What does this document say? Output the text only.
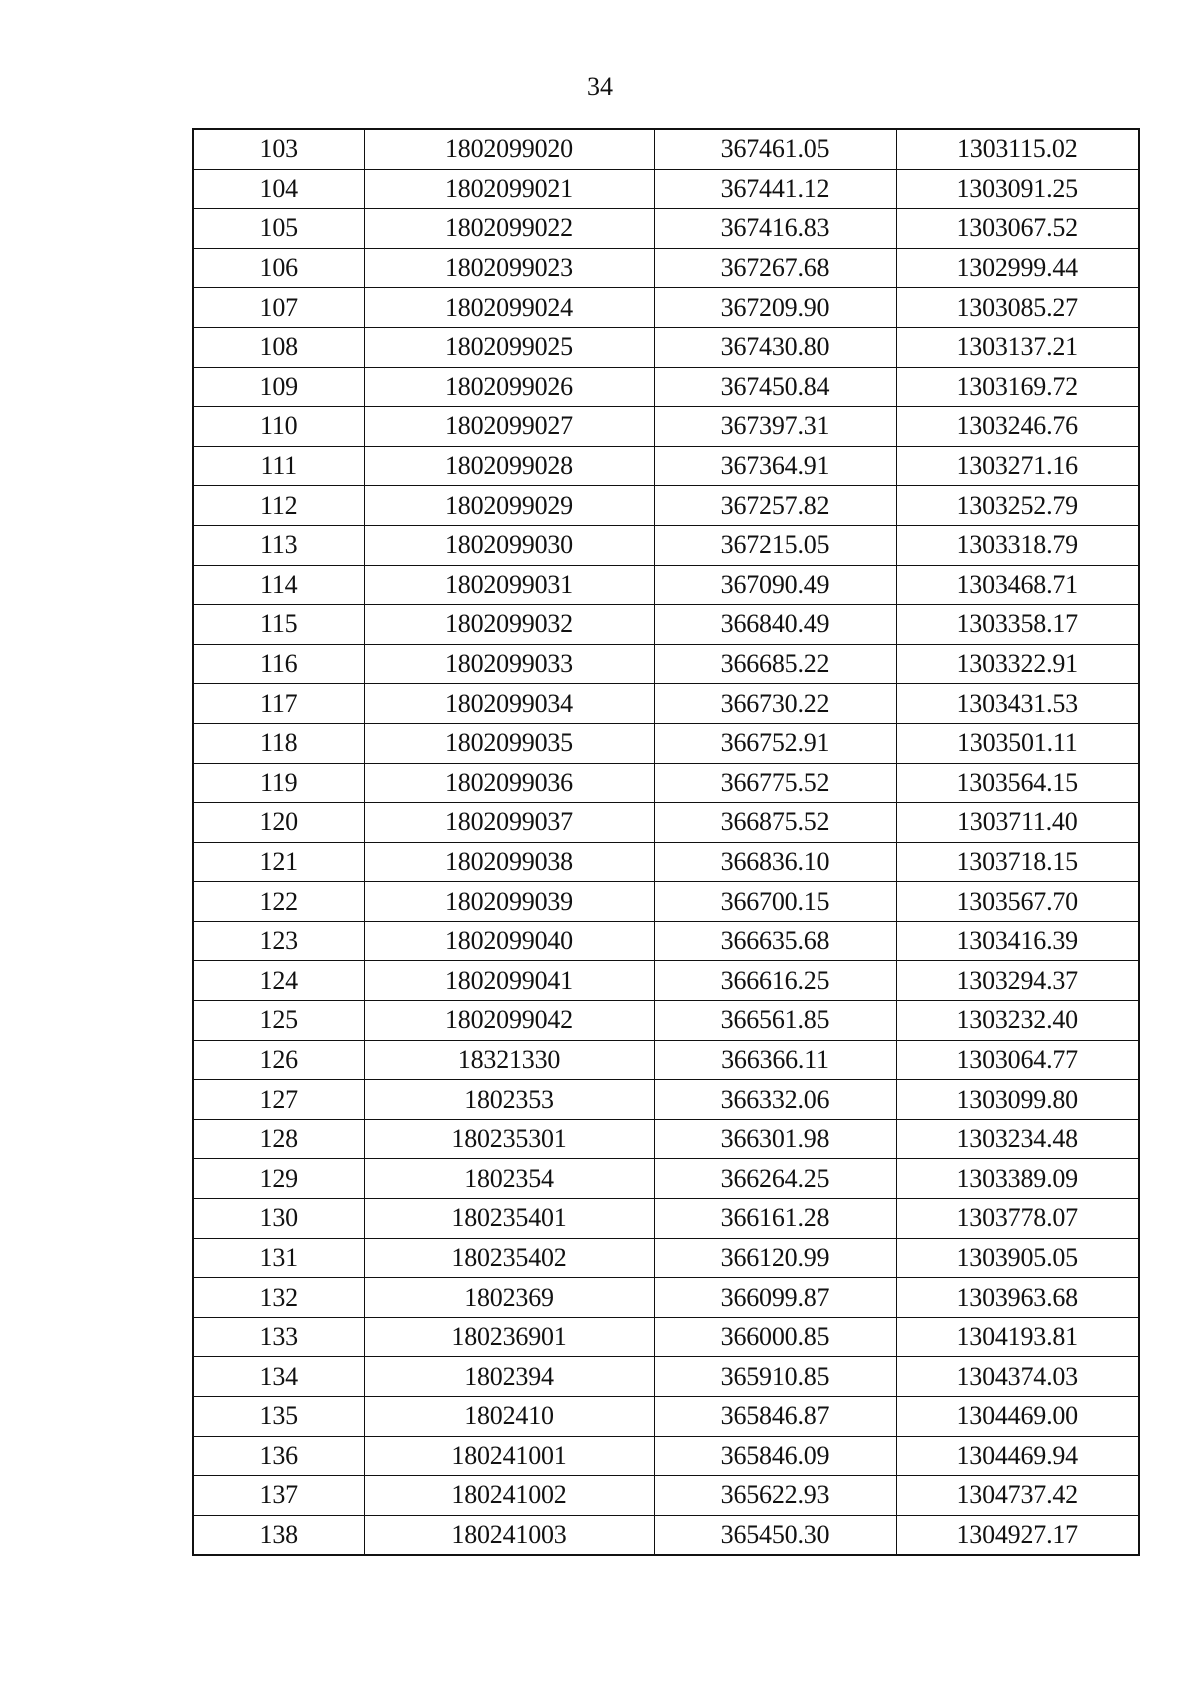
34
103	1802099020	367461.05	1303115.02
104	1802099021	367441.12	1303091.25
105	1802099022	367416.83	1303067.52
106	1802099023	367267.68	1302999.44
107	1802099024	367209.90	1303085.27
108	1802099025	367430.80	1303137.21
109	1802099026	367450.84	1303169.72
110	1802099027	367397.31	1303246.76
111	1802099028	367364.91	1303271.16
112	1802099029	367257.82	1303252.79
113	1802099030	367215.05	1303318.79
114	1802099031	367090.49	1303468.71
115	1802099032	366840.49	1303358.17
116	1802099033	366685.22	1303322.91
117	1802099034	366730.22	1303431.53
118	1802099035	366752.91	1303501.11
119	1802099036	366775.52	1303564.15
120	1802099037	366875.52	1303711.40
121	1802099038	366836.10	1303718.15
122	1802099039	366700.15	1303567.70
123	1802099040	366635.68	1303416.39
124	1802099041	366616.25	1303294.37
125	1802099042	366561.85	1303232.40
126	18321330	366366.11	1303064.77
127	1802353	366332.06	1303099.80
128	180235301	366301.98	1303234.48
129	1802354	366264.25	1303389.09
130	180235401	366161.28	1303778.07
131	180235402	366120.99	1303905.05
132	1802369	366099.87	1303963.68
133	180236901	366000.85	1304193.81
134	1802394	365910.85	1304374.03
135	1802410	365846.87	1304469.00
136	180241001	365846.09	1304469.94
137	180241002	365622.93	1304737.42
138	180241003	365450.30	1304927.17
